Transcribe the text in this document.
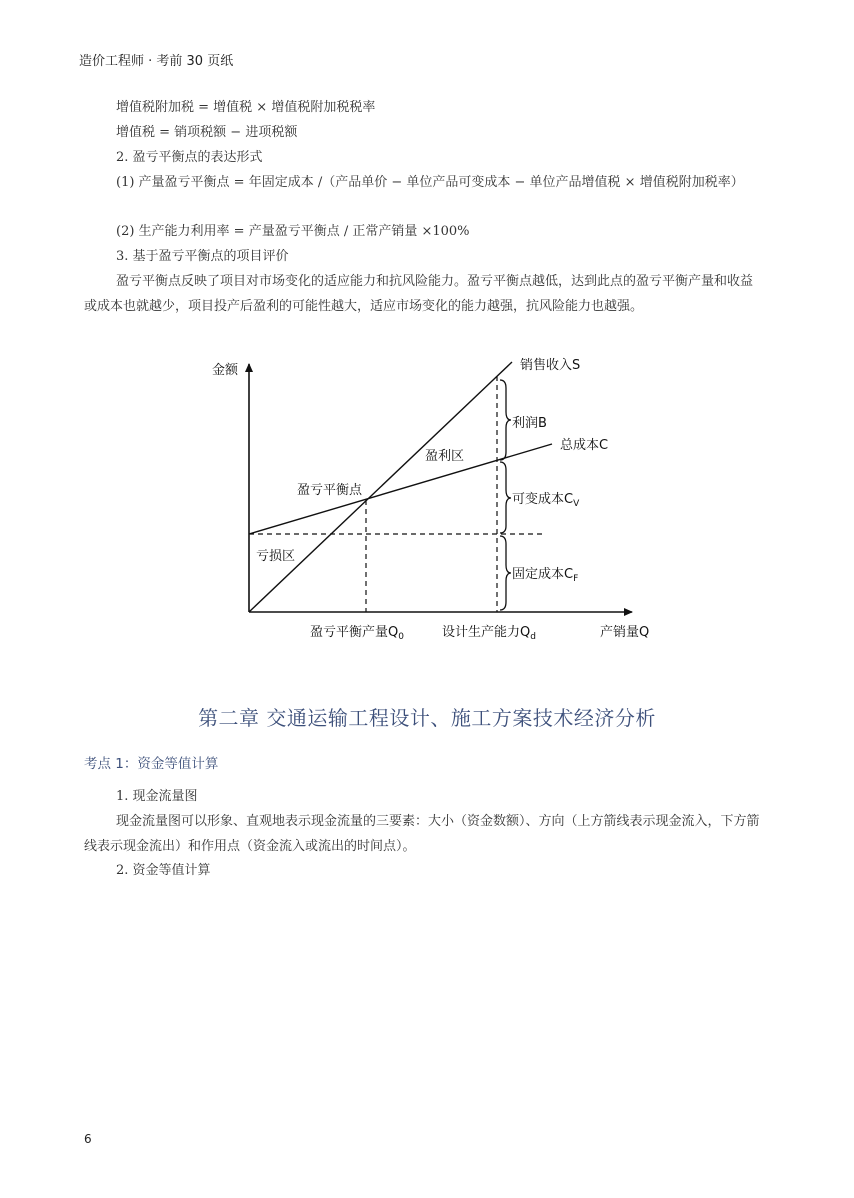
造价工程师 · 考前 30 页纸
增值税附加税 = 增值税 × 增值税附加税税率
增值税 = 销项税额 − 进项税额
2. 盈亏平衡点的表达形式
(1) 产量盈亏平衡点 = 年固定成本 /（产品单价 − 单位产品可变成本 − 单位产品增值税 × 增值税附加税率）
(2) 生产能力利用率 = 产量盈亏平衡点 / 正常产销量 ×100%
3. 基于盈亏平衡点的项目评价
盈亏平衡点反映了项目对市场变化的适应能力和抗风险能力。盈亏平衡点越低，达到此点的盈亏平衡产量和收益或成本也就越少，项目投产后盈利的可能性越大，适应市场变化的能力越强，抗风险能力也越强。
金额
产销量Q
销售收入S
利润B
总成本C
盈利区
盈亏平衡点
可变成本$C_V$
亏损区
固定成本$C_F$
盈亏平衡产量$Q_0$	设计生产能力$Q_d$
第二章 交通运输工程设计、施工方案技术经济分析
考点 1：资金等值计算
1. 现金流量图
现金流量图可以形象、直观地表示现金流量的三要素：大小（资金数额）、方向（上方箭线表示现金流入，下方箭线表示现金流出）和作用点（资金流入或流出的时间点）。
2. 资金等值计算
6
